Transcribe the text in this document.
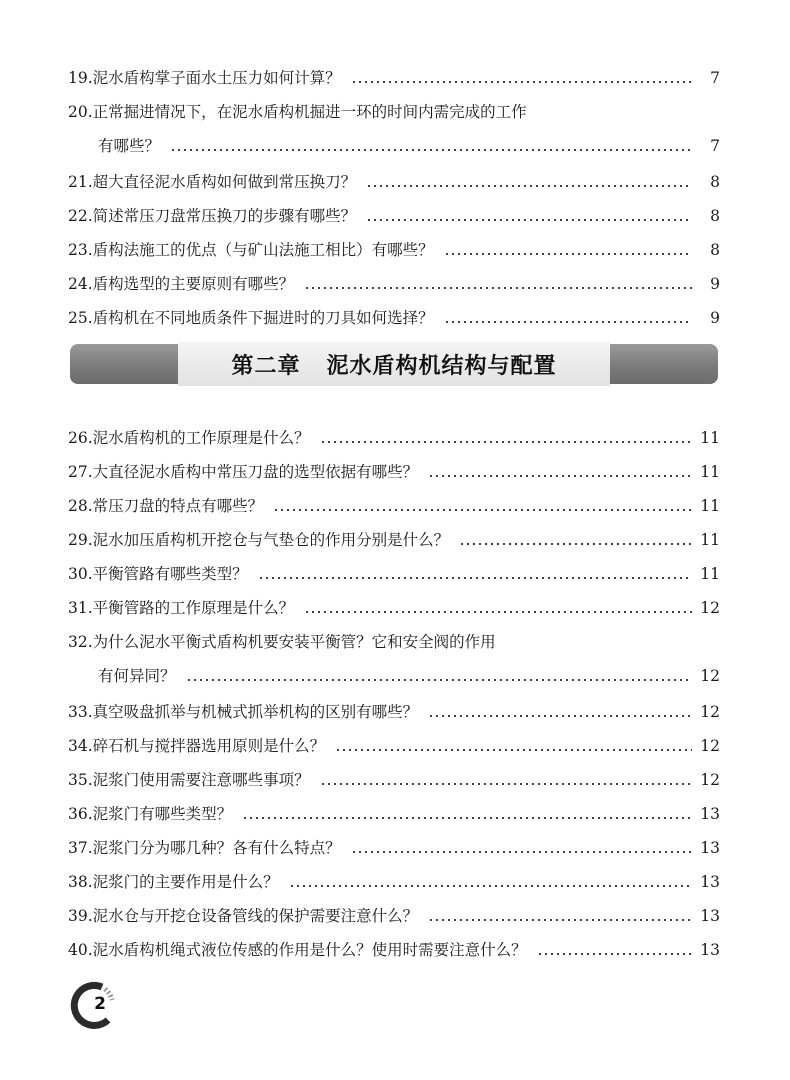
19. 泥水盾构掌子面水土压力如何计算？	7
20. 正常掘进情况下，在泥水盾构机掘进一环的时间内需完成的工作
有哪些？	7
21. 超大直径泥水盾构如何做到常压换刀？	8
22. 简述常压刀盘常压换刀的步骤有哪些？	8
23. 盾构法施工的优点（与矿山法施工相比）有哪些？	8
24. 盾构选型的主要原则有哪些？	9
25. 盾构机在不同地质条件下掘进时的刀具如何选择？	9
第二章 泥水盾构机结构与配置
26. 泥水盾构机的工作原理是什么？	11
27. 大直径泥水盾构中常压刀盘的选型依据有哪些？	11
28. 常压刀盘的特点有哪些？	11
29. 泥水加压盾构机开挖仓与气垫仓的作用分别是什么？	11
30. 平衡管路有哪些类型？	11
31. 平衡管路的工作原理是什么？	12
32. 为什么泥水平衡式盾构机要安装平衡管？它和安全阀的作用
有何异同？	12
33. 真空吸盘抓举与机械式抓举机构的区别有哪些？	12
34. 碎石机与搅拌器选用原则是什么？	12
35. 泥浆门使用需要注意哪些事项？	12
36. 泥浆门有哪些类型？	13
37. 泥浆门分为哪几种？各有什么特点？	13
38. 泥浆门的主要作用是什么？	13
39. 泥水仓与开挖仓设备管线的保护需要注意什么？	13
40. 泥水盾构机绳式液位传感的作用是什么？使用时需要注意什么？	13
2
